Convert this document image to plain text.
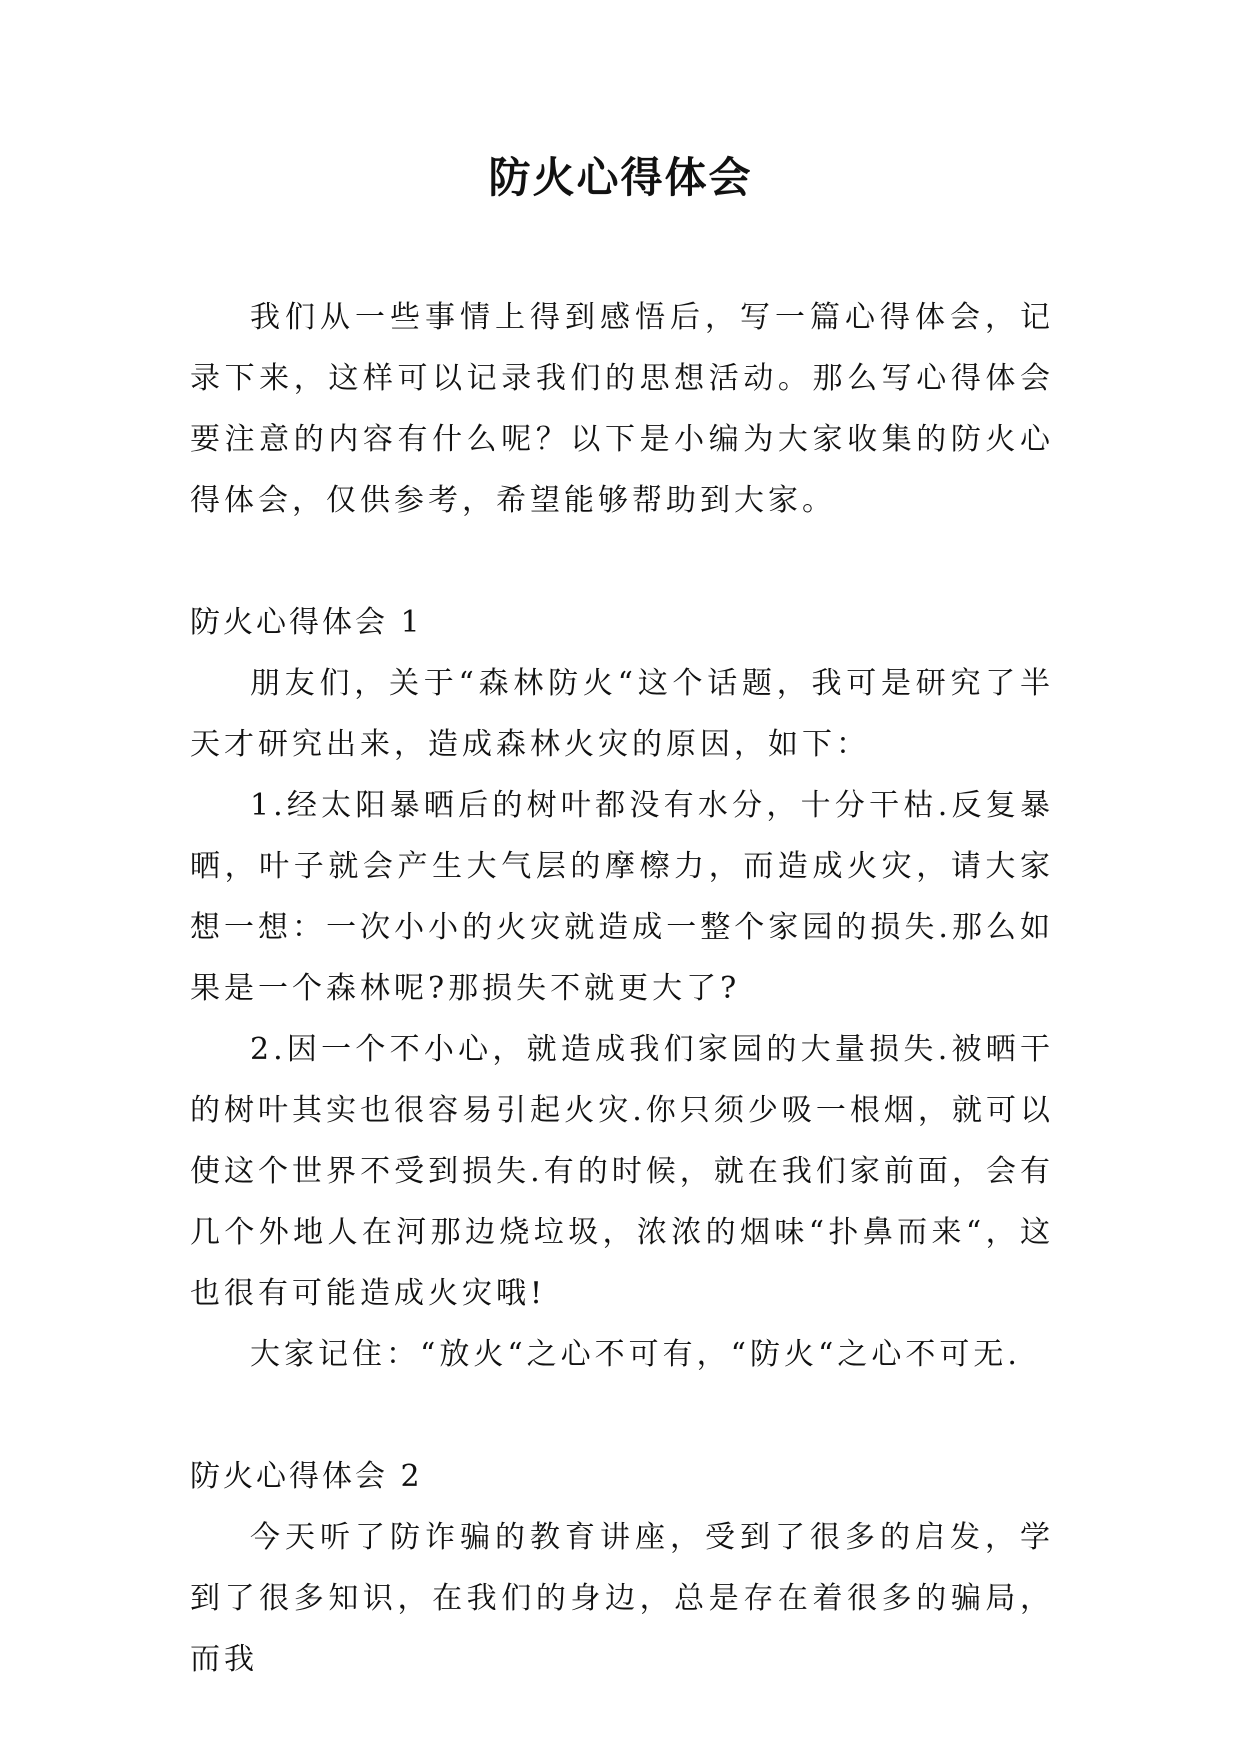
防火心得体会

我们从一些事情上得到感悟后，写一篇心得体会，记录下来，这样可以记录我们的思想活动。那么写心得体会要注意的内容有什么呢？以下是小编为大家收集的防火心得体会，仅供参考，希望能够帮助到大家。

防火心得体会 1

朋友们，关于“森林防火“这个话题，我可是研究了半天才研究出来，造成森林火灾的原因，如下：

1.经太阳暴晒后的树叶都没有水分，十分干枯.反复暴晒，叶子就会产生大气层的摩檫力，而造成火灾，请大家想一想：一次小小的火灾就造成一整个家园的损失.那么如果是一个森林呢?那损失不就更大了?

2.因一个不小心，就造成我们家园的大量损失.被晒干的树叶其实也很容易引起火灾.你只须少吸一根烟，就可以使这个世界不受到损失.有的时候，就在我们家前面，会有几个外地人在河那边烧垃圾，浓浓的烟味“扑鼻而来“，这也很有可能造成火灾哦!

大家记住：“放火“之心不可有，“防火“之心不可无.

防火心得体会 2

今天听了防诈骗的教育讲座，受到了很多的启发，学到了很多知识，在我们的身边，总是存在着很多的骗局，而我
